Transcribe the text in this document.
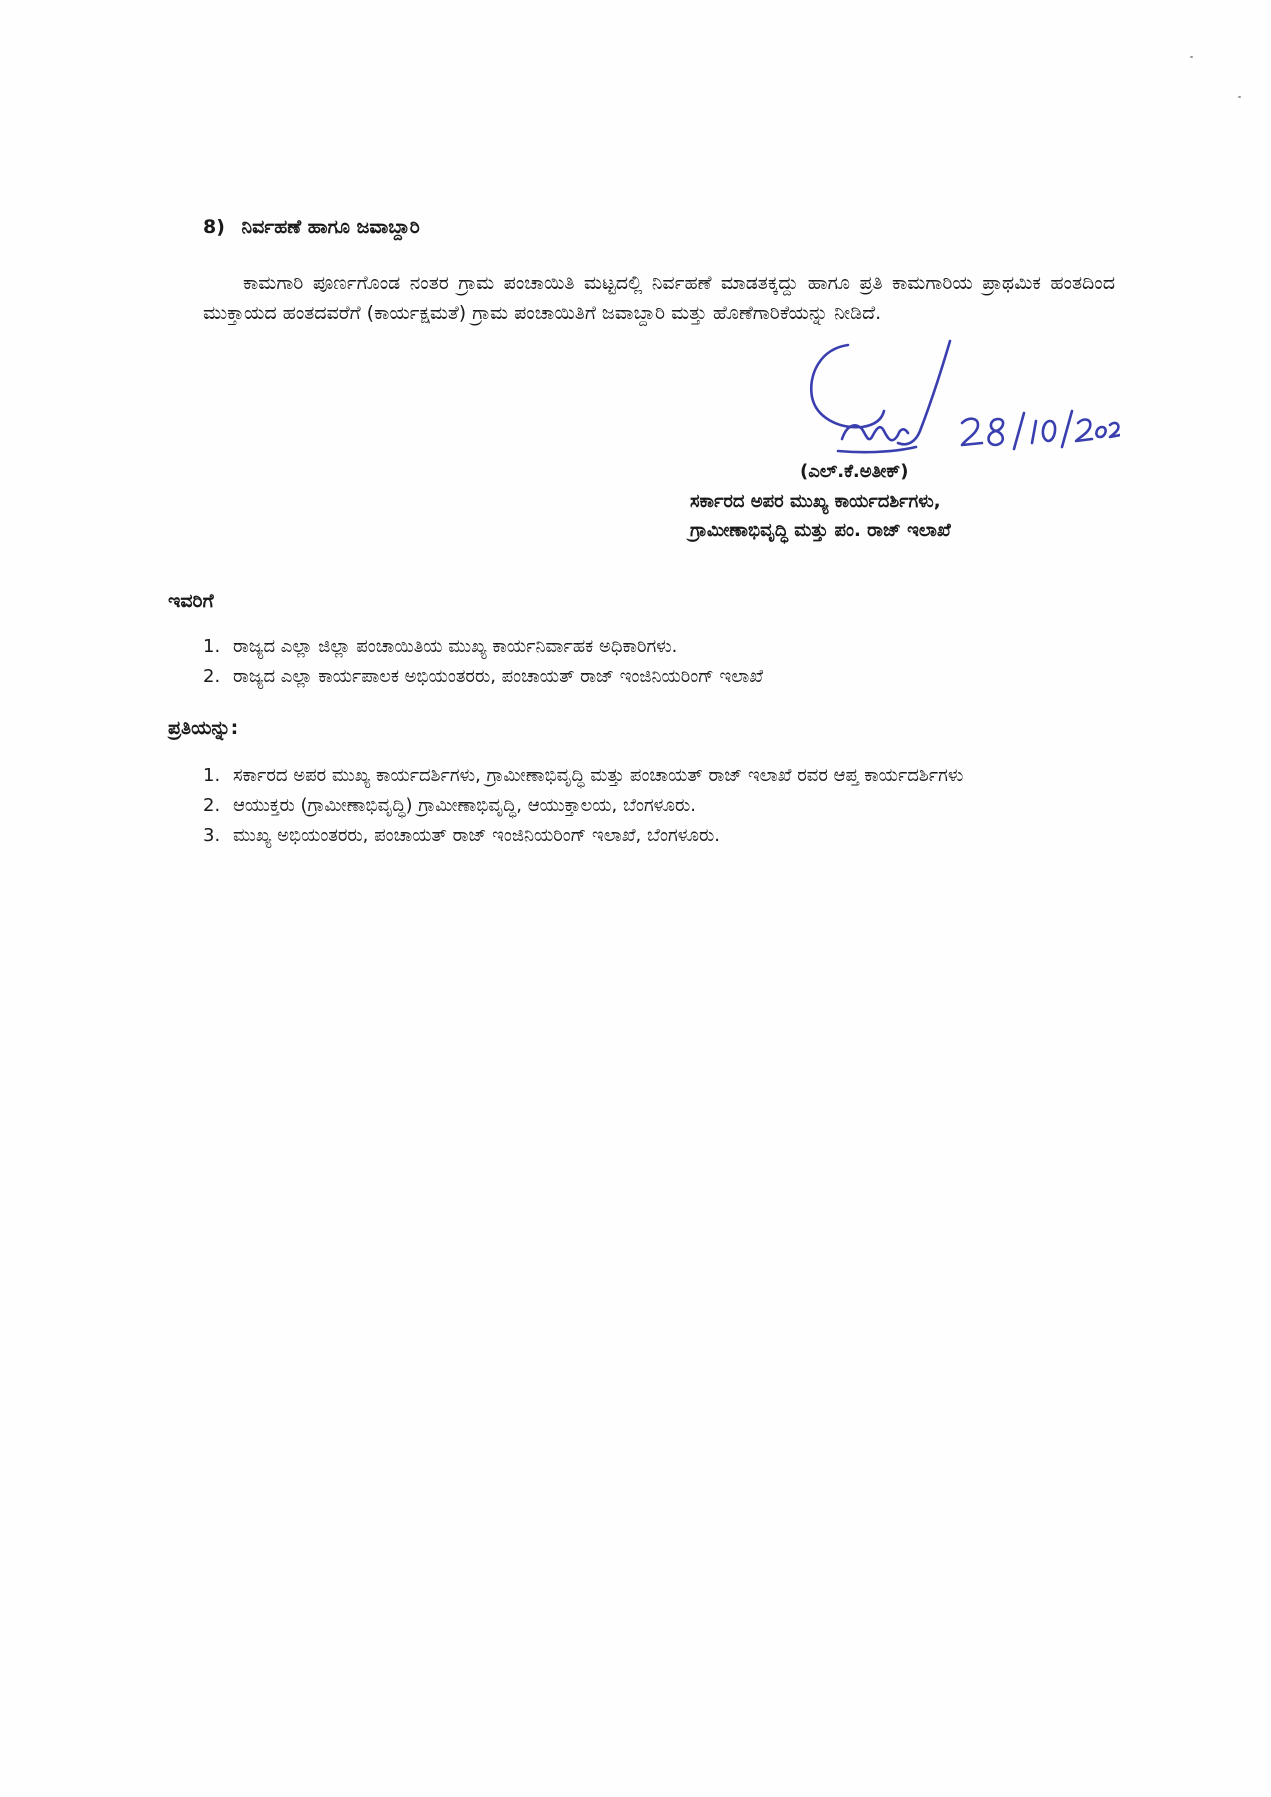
8) ನಿರ್ವಹಣೆ ಹಾಗೂ ಜವಾಬ್ದಾರಿ
ಕಾಮಗಾರಿ ಪೂರ್ಣಗೊಂಡ ನಂತರ ಗ್ರಾಮ ಪಂಚಾಯಿತಿ ಮಟ್ಟದಲ್ಲಿ ನಿರ್ವಹಣೆ ಮಾಡತಕ್ಕದ್ದು ಹಾಗೂ ಪ್ರತಿ ಕಾಮಗಾರಿಯ ಪ್ರಾಥಮಿಕ ಹಂತದಿಂದ ಮುಕ್ತಾಯದ ಹಂತದವರೆಗೆ (ಕಾರ್ಯಕ್ಷಮತೆ) ಗ್ರಾಮ ಪಂಚಾಯಿತಿಗೆ ಜವಾಬ್ದಾರಿ ಮತ್ತು ಹೊಣೆಗಾರಿಕೆಯನ್ನು ನೀಡಿದೆ.
(ಎಲ್.ಕೆ.ಅತೀಕ್)
ಸರ್ಕಾರದ ಅಪರ ಮುಖ್ಯ ಕಾರ್ಯದರ್ಶಿಗಳು,
ಗ್ರಾಮೀಣಾಭಿವೃದ್ಧಿ ಮತ್ತು ಪಂ. ರಾಜ್ ಇಲಾಖೆ
ಇವರಿಗೆ
1. ರಾಜ್ಯದ ಎಲ್ಲಾ ಜಿಲ್ಲಾ ಪಂಚಾಯಿತಿಯ ಮುಖ್ಯ ಕಾರ್ಯನಿರ್ವಾಹಕ ಅಧಿಕಾರಿಗಳು.
2. ರಾಜ್ಯದ ಎಲ್ಲಾ ಕಾರ್ಯಪಾಲಕ ಅಭಿಯಂತರರು, ಪಂಚಾಯತ್ ರಾಜ್ ಇಂಜಿನಿಯರಿಂಗ್ ಇಲಾಖೆ
ಪ್ರತಿಯನ್ನು:
1. ಸರ್ಕಾರದ ಅಪರ ಮುಖ್ಯ ಕಾರ್ಯದರ್ಶಿಗಳು, ಗ್ರಾಮೀಣಾಭಿವೃದ್ಧಿ ಮತ್ತು ಪಂಚಾಯತ್ ರಾಜ್ ಇಲಾಖೆ ರವರ ಆಪ್ತ ಕಾರ್ಯದರ್ಶಿಗಳು
2. ಆಯುಕ್ತರು (ಗ್ರಾಮೀಣಾಭಿವೃದ್ಧಿ) ಗ್ರಾಮೀಣಾಭಿವೃದ್ಧಿ, ಆಯುಕ್ತಾಲಯ, ಬೆಂಗಳೂರು.
3. ಮುಖ್ಯ ಅಭಿಯಂತರರು, ಪಂಚಾಯತ್ ರಾಜ್ ಇಂಜಿನಿಯರಿಂಗ್ ಇಲಾಖೆ, ಬೆಂಗಳೂರು.
